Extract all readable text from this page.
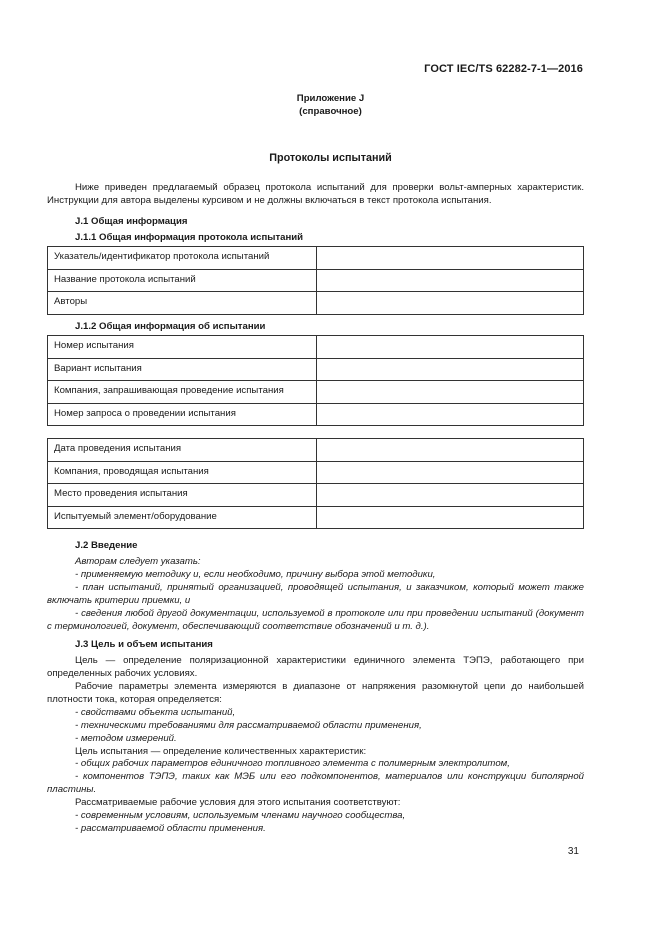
ГОСТ IEC/TS 62282-7-1—2016
Приложение J
(справочное)
Протоколы испытаний

Ниже приведен предлагаемый образец протокола испытаний для проверки вольт-амперных характеристик. Инструкции для автора выделены курсивом и не должны включаться в текст протокола испытания.

J.1 Общая информация

J.1.1 Общая информация протокола испытаний

Указатель/идентификатор протокола испытаний	
Название протокола испытаний	
Авторы	

J.1.2 Общая информация об испытании

Номер испытания	
Вариант испытания	
Компания, запрашивающая проведение испытания	
Номер запроса о проведении испытания	
Дата проведения испытания	
Компания, проводящая испытания	
Место проведения испытания	
Испытуемый элемент/оборудование	

J.2 Введение

Авторам следует указать:

- применяемую методику и, если необходимо, причину выбора этой методики,

- план испытаний, принятый организацией, проводящей испытания, и заказчиком, который может также включать критерии приемки, и

- сведения любой другой документации, используемой в протоколе или при проведении испытаний (документ с терминологией, документ, обеспечивающий соответствие обозначений и т. д.).

J.3 Цель и объем испытания

Цель — определение поляризационной характеристики единичного элемента ТЭПЭ, работающего при определенных рабочих условиях.

Рабочие параметры элемента измеряются в диапазоне от напряжения разомкнутой цепи до наибольшей плотности тока, которая определяется:

- свойствами объекта испытаний,

- техническими требованиями для рассматриваемой области применения,

- методом измерений.

Цель испытания — определение количественных характеристик:

- общих рабочих параметров единичного топливного элемента с полимерным электролитом,

- компонентов ТЭПЭ, таких как МЭБ или его подкомпонентов, материалов или конструкции биполярной пластины.

Рассматриваемые рабочие условия для этого испытания соответствуют:

- современным условиям, используемым членами научного сообщества,

- рассматриваемой области применения.

31
